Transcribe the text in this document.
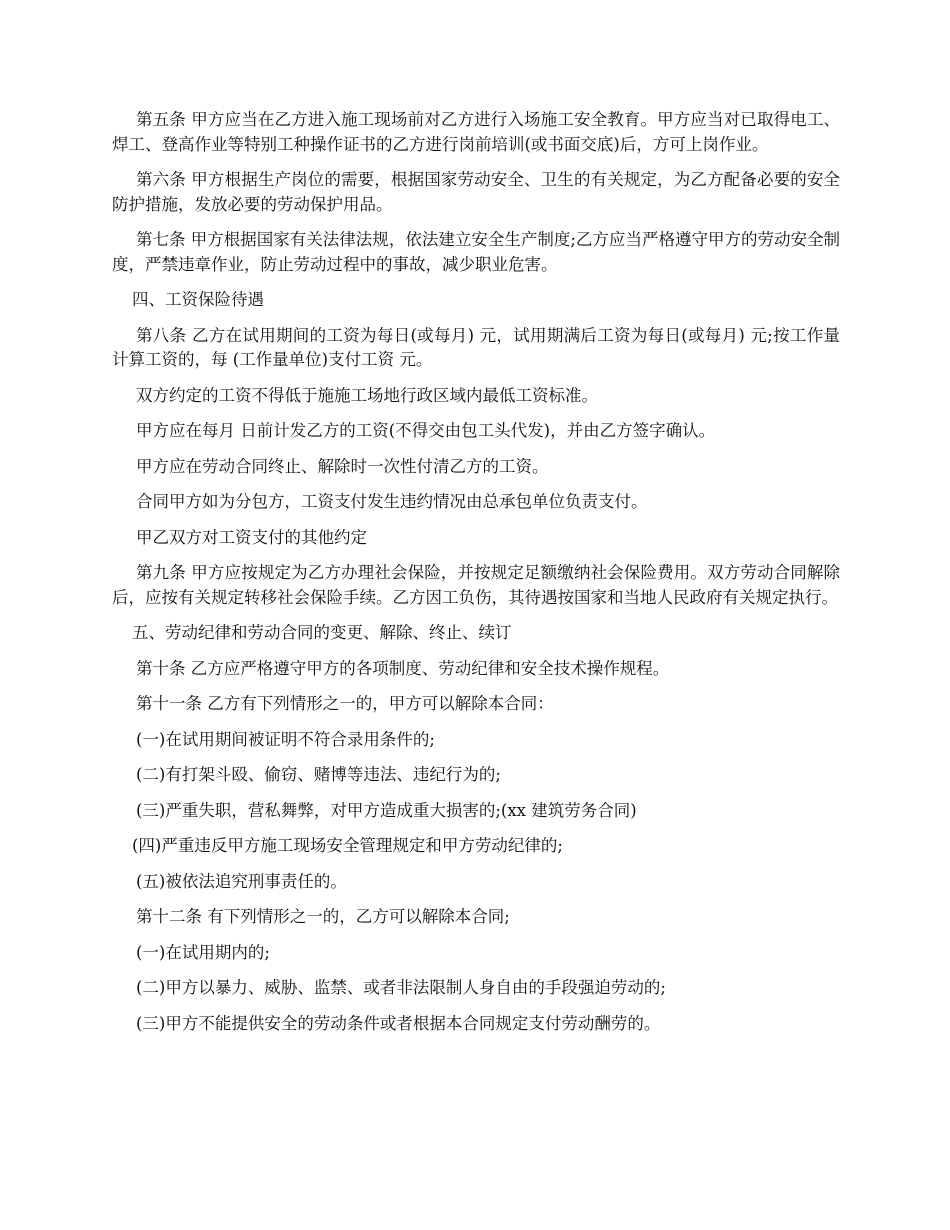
第五条 甲方应当在乙方进入施工现场前对乙方进行入场施工安全教育。甲方应当对已取得电工、焊工、登高作业等特别工种操作证书的乙方进行岗前培训(或书面交底)后，方可上岗作业。

第六条 甲方根据生产岗位的需要，根据国家劳动安全、卫生的有关规定，为乙方配备必要的安全防护措施，发放必要的劳动保护用品。

第七条 甲方根据国家有关法律法规，依法建立安全生产制度;乙方应当严格遵守甲方的劳动安全制度，严禁违章作业，防止劳动过程中的事故，减少职业危害。

四、工资保险待遇

第八条 乙方在试用期间的工资为每日(或每月) 元，试用期满后工资为每日(或每月) 元;按工作量计算工资的，每 (工作量单位)支付工资 元。

双方约定的工资不得低于施施工场地行政区域内最低工资标准。

甲方应在每月 日前计发乙方的工资(不得交由包工头代发)，并由乙方签字确认。

甲方应在劳动合同终止、解除时一次性付清乙方的工资。

合同甲方如为分包方，工资支付发生违约情况由总承包单位负责支付。

甲乙双方对工资支付的其他约定

第九条 甲方应按规定为乙方办理社会保险，并按规定足额缴纳社会保险费用。双方劳动合同解除后，应按有关规定转移社会保险手续。乙方因工负伤，其待遇按国家和当地人民政府有关规定执行。

五、劳动纪律和劳动合同的变更、解除、终止、续订

第十条 乙方应严格遵守甲方的各项制度、劳动纪律和安全技术操作规程。

第十一条 乙方有下列情形之一的，甲方可以解除本合同：

(一)在试用期间被证明不符合录用条件的;

(二)有打架斗殴、偷窃、赌博等违法、违纪行为的;

(三)严重失职，营私舞弊，对甲方造成重大损害的;(xx 建筑劳务合同)

(四)严重违反甲方施工现场安全管理规定和甲方劳动纪律的;

(五)被依法追究刑事责任的。

第十二条 有下列情形之一的，乙方可以解除本合同;

(一)在试用期内的;

(二)甲方以暴力、威胁、监禁、或者非法限制人身自由的手段强迫劳动的;

(三)甲方不能提供安全的劳动条件或者根据本合同规定支付劳动酬劳的。
